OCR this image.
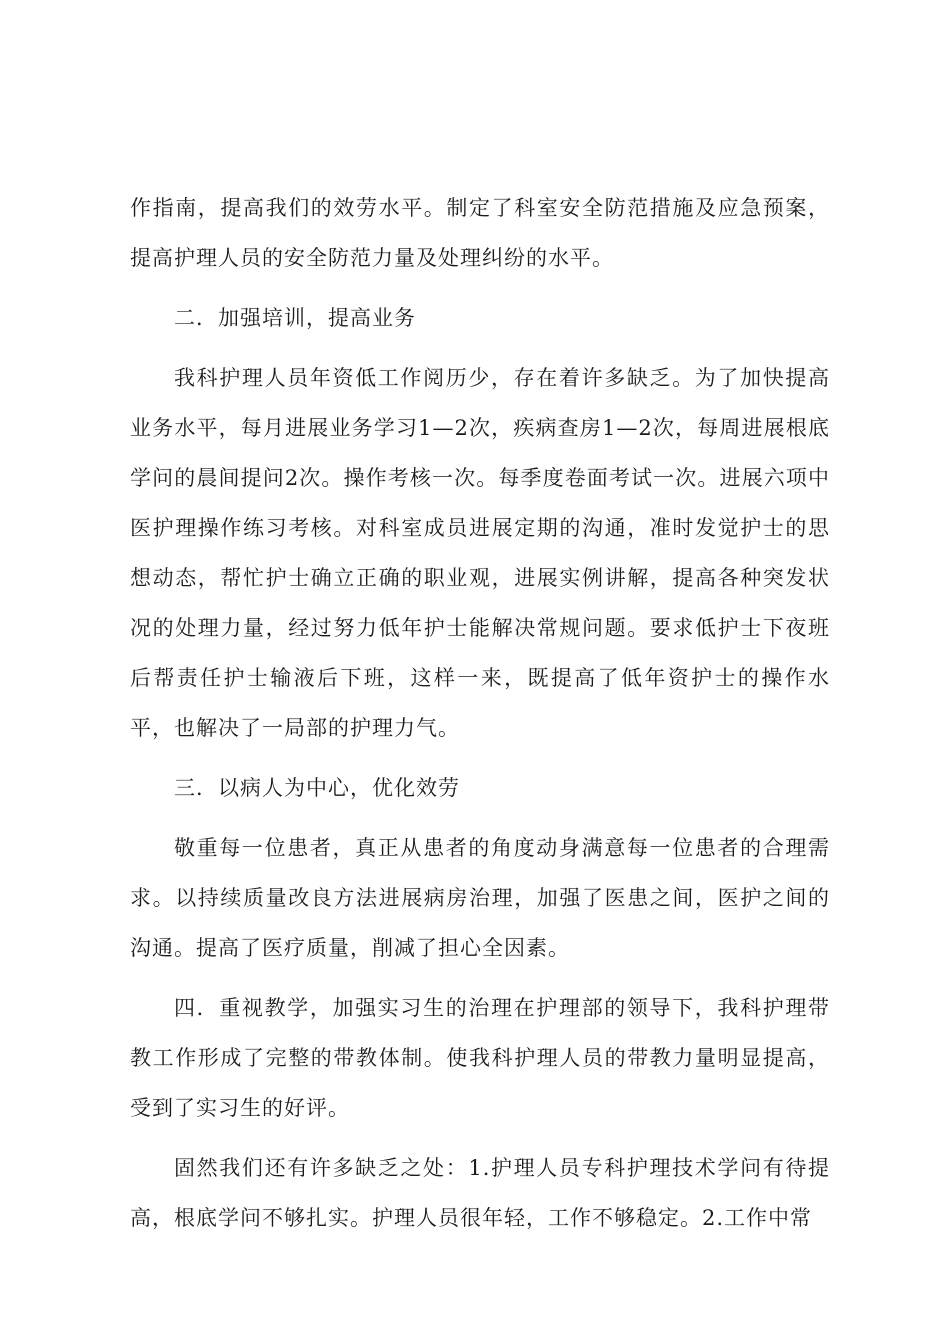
作指南，提高我们的效劳水平。制定了科室安全防范措施及应急预案，提高护理人员的安全防范力量及处理纠纷的水平。

二．加强培训，提高业务

我科护理人员年资低工作阅历少，存在着许多缺乏。为了加快提高业务水平，每月进展业务学习1—2次，疾病查房1—2次，每周进展根底学问的晨间提问2次。操作考核一次。每季度卷面考试一次。进展六项中医护理操作练习考核。对科室成员进展定期的沟通，准时发觉护士的思想动态，帮忙护士确立正确的职业观，进展实例讲解，提高各种突发状况的处理力量，经过努力低年护士能解决常规问题。要求低护士下夜班后帮责任护士输液后下班，这样一来，既提高了低年资护士的操作水平，也解决了一局部的护理力气。

三．以病人为中心，优化效劳

敬重每一位患者，真正从患者的角度动身满意每一位患者的合理需求。以持续质量改良方法进展病房治理，加强了医患之间，医护之间的沟通。提高了医疗质量，削减了担心全因素。

四．重视教学，加强实习生的治理在护理部的领导下，我科护理带教工作形成了完整的带教体制。使我科护理人员的带教力量明显提高，受到了实习生的好评。

固然我们还有许多缺乏之处：1.护理人员专科护理技术学问有待提高，根底学问不够扎实。护理人员很年轻，工作不够稳定。2.工作中常
